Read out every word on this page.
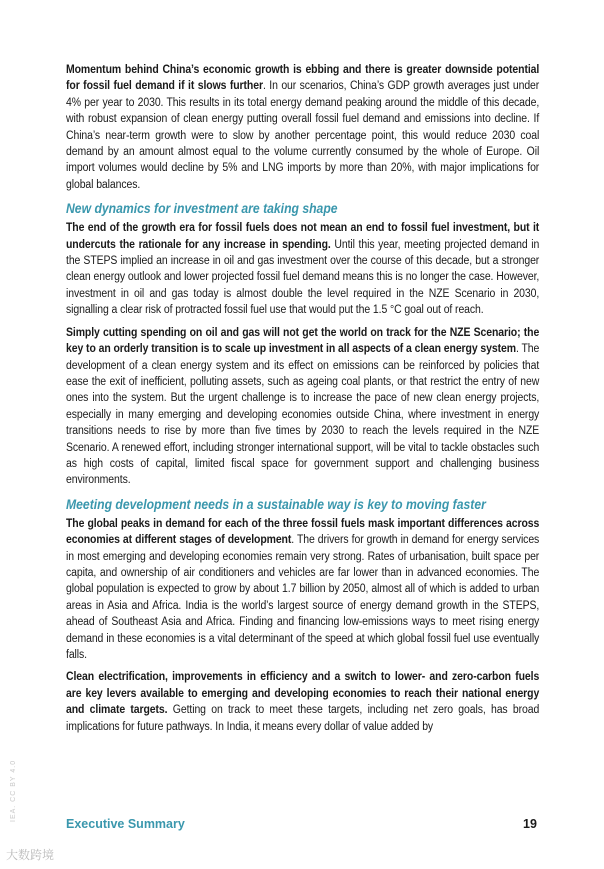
Momentum behind China’s economic growth is ebbing and there is greater downside potential for fossil fuel demand if it slows further. In our scenarios, China’s GDP growth averages just under 4% per year to 2030. This results in its total energy demand peaking around the middle of this decade, with robust expansion of clean energy putting overall fossil fuel demand and emissions into decline. If China’s near-term growth were to slow by another percentage point, this would reduce 2030 coal demand by an amount almost equal to the volume currently consumed by the whole of Europe. Oil import volumes would decline by 5% and LNG imports by more than 20%, with major implications for global balances.

New dynamics for investment are taking shape

The end of the growth era for fossil fuels does not mean an end to fossil fuel investment, but it undercuts the rationale for any increase in spending. Until this year, meeting projected demand in the STEPS implied an increase in oil and gas investment over the course of this decade, but a stronger clean energy outlook and lower projected fossil fuel demand means this is no longer the case. However, investment in oil and gas today is almost double the level required in the NZE Scenario in 2030, signalling a clear risk of protracted fossil fuel use that would put the 1.5 °C goal out of reach.

Simply cutting spending on oil and gas will not get the world on track for the NZE Scenario; the key to an orderly transition is to scale up investment in all aspects of a clean energy system. The development of a clean energy system and its effect on emissions can be reinforced by policies that ease the exit of inefficient, polluting assets, such as ageing coal plants, or that restrict the entry of new ones into the system. But the urgent challenge is to increase the pace of new clean energy projects, especially in many emerging and developing economies outside China, where investment in energy transitions needs to rise by more than five times by 2030 to reach the levels required in the NZE Scenario. A renewed effort, including stronger international support, will be vital to tackle obstacles such as high costs of capital, limited fiscal space for government support and challenging business environments.

Meeting development needs in a sustainable way is key to moving faster

The global peaks in demand for each of the three fossil fuels mask important differences across economies at different stages of development. The drivers for growth in demand for energy services in most emerging and developing economies remain very strong. Rates of urbanisation, built space per capita, and ownership of air conditioners and vehicles are far lower than in advanced economies. The global population is expected to grow by about 1.7 billion by 2050, almost all of which is added to urban areas in Asia and Africa. India is the world’s largest source of energy demand growth in the STEPS, ahead of Southeast Asia and Africa. Finding and financing low-emissions ways to meet rising energy demand in these economies is a vital determinant of the speed at which global fossil fuel use eventually falls.

Clean electrification, improvements in efficiency and a switch to lower- and zero-carbon fuels are key levers available to emerging and developing economies to reach their national energy and climate targets. Getting on track to meet these targets, including net zero goals, has broad implications for future pathways. In India, it means every dollar of value added by

IEA. CC BY 4.0
Executive Summary	19
大数跨境
